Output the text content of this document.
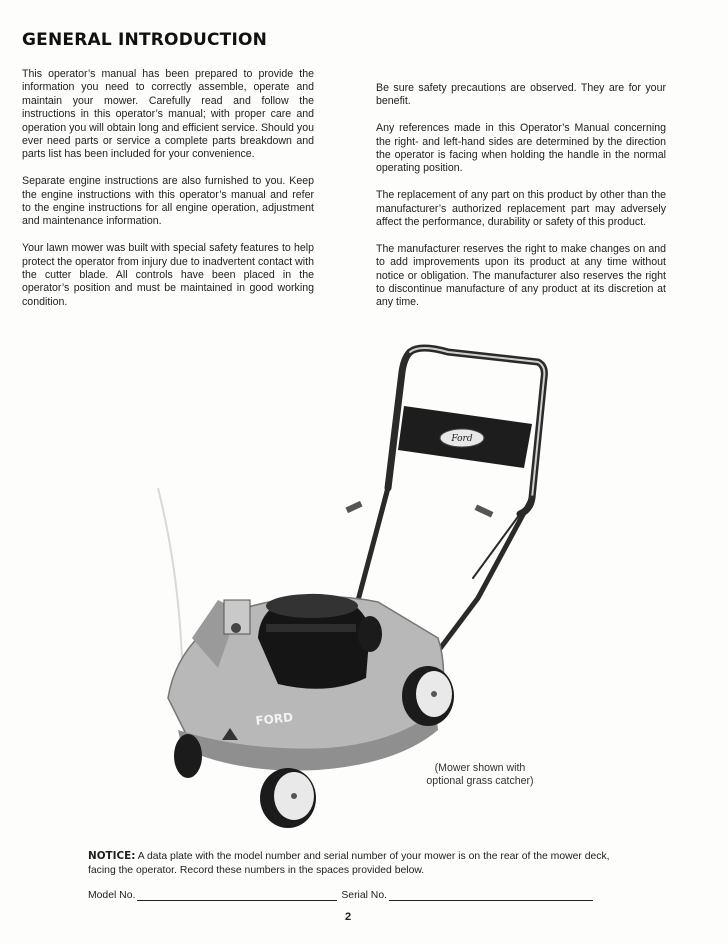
GENERAL INTRODUCTION

This operator’s manual has been prepared to provide the information you need to correctly assemble, operate and maintain your mower. Carefully read and follow the instructions in this operator’s manual; with proper care and operation you will obtain long and efficient service. Should you ever need parts or service a complete parts breakdown and parts list has been included for your convenience.

Separate engine instructions are also furnished to you. Keep the engine instructions with this operator’s manual and refer to the engine instructions for all engine operation, adjustment and maintenance information.

Your lawn mower was built with special safety features to help protect the operator from injury due to inadvertent contact with the cutter blade. All controls have been placed in the operator’s position and must be maintained in good working condition.

Be sure safety precautions are observed. They are for your benefit.

Any references made in this Operator’s Manual concerning the right- and left-hand sides are determined by the direction the operator is facing when holding the handle in the normal operating position.

The replacement of any part on this product by other than the manufacturer’s authorized replacement part may adversely affect the performance, durability or safety of this product.

The manufacturer reserves the right to make changes on and to add improvements upon its product at any time without notice or obligation. The manufacturer also reserves the right to discontinue manufacture of any product at its discretion at any time.

Ford
FORD
(Mower shown with
optional grass catcher)
NOTICE: A data plate with the model number and serial number of your mower is on the rear of the mower deck, facing the operator. Record these numbers in the spaces provided below.
Model No.	Serial No.
2
